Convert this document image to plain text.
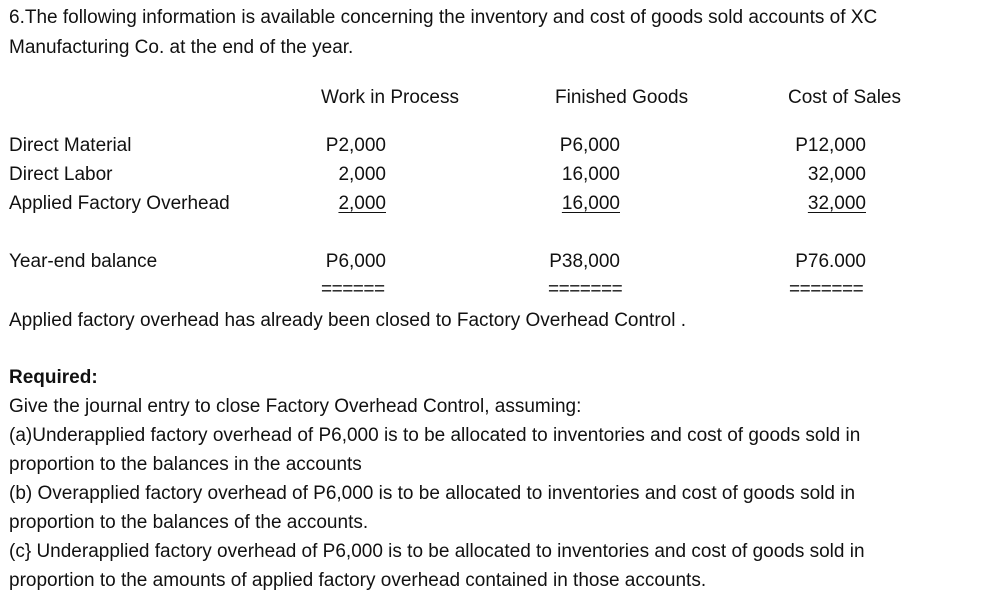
6.The following information is available concerning the inventory and cost of goods sold accounts of XC
Manufacturing Co. at the end of the year.
Work in Process	Finished Goods	Cost of Sales
Direct Material
Direct Labor
Applied Factory Overhead
Year-end balance
P2,000
2,000
2,000
P6,000
======
P6,000
16,000
16,000
P38,000
=======
P12,000
32,000
32,000
P76.000
=======
Applied factory overhead has already been closed to Factory Overhead Control .
Required:
Give the journal entry to close Factory Overhead Control, assuming:
(a)Underapplied factory overhead of P6,000 is to be allocated to inventories and cost of goods sold in
proportion to the balances in the accounts
(b) Overapplied factory overhead of P6,000 is to be allocated to inventories and cost of goods sold in
proportion to the balances of the accounts.
(c} Underapplied factory overhead of P6,000 is to be allocated to inventories and cost of goods sold in
proportion to the amounts of applied factory overhead contained in those accounts.
